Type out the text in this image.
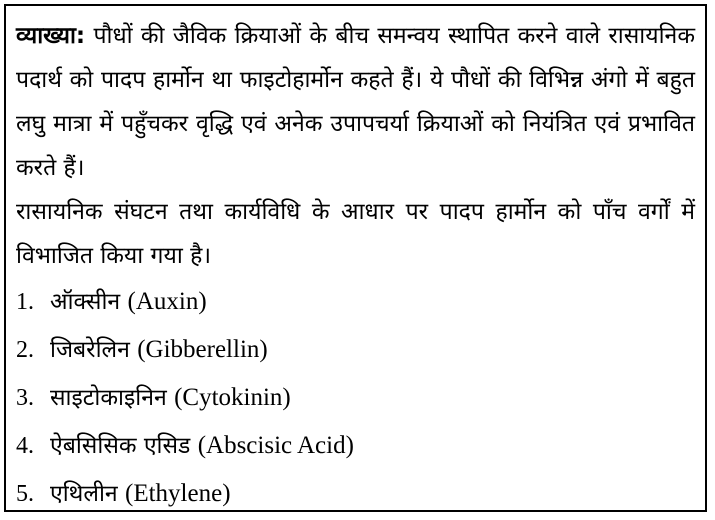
व्याख्या: पौधों की जैविक क्रियाओं के बीच समन्वय स्थापित करने वाले रासायनिक पदार्थ को पादप हार्मोन था फाइटोहार्मोन कहते हैं। ये पौधों की विभिन्न अंगो में बहुत लघु मात्रा में पहुँचकर वृद्धि एवं अनेक उपापचर्या क्रियाओं को नियंत्रित एवं प्रभावित करते हैं।

रासायनिक संघटन तथा कार्यविधि के आधार पर पादप हार्मोन को पाँच वर्गों में विभाजित किया गया है।

1. ऑक्सीन (Auxin)
2. जिबरेलिन (Gibberellin)
3. साइटोकाइनिन (Cytokinin)
4. ऐबसिसिक एसिड (Abscisic Acid)
5. एथिलीन (Ethylene)
